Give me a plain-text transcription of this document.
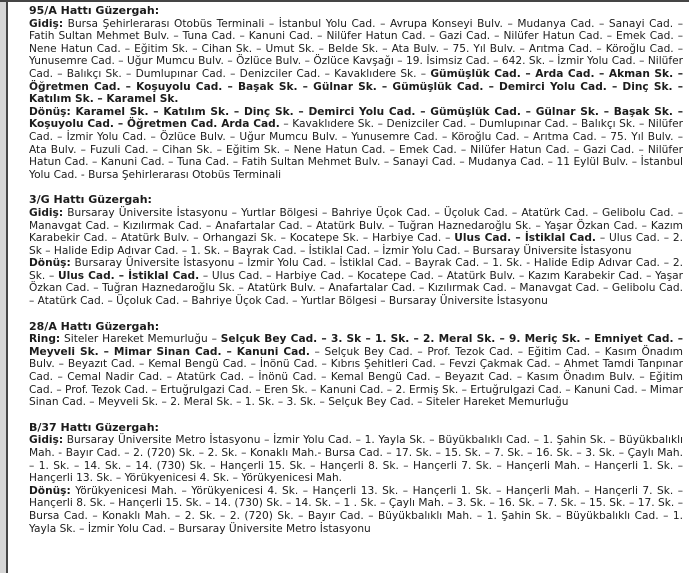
95/A Hattı Güzergah:

Gidiş: Bursa Şehirlerarası Otobüs Terminali – İstanbul Yolu Cad. – Avrupa Konseyi Bulv. – Mudanya Cad. – Sanayi Cad. – Fatih Sultan Mehmet Bulv. – Tuna Cad. – Kanuni Cad. – Nilüfer Hatun Cad. – Gazi Cad. – Nilüfer Hatun Cad. – Emek Cad. – Nene Hatun Cad. – Eğitim Sk. – Cihan Sk. – Umut Sk. – Belde Sk. – Ata Bulv. – 75. Yıl Bulv. – Arıtma Cad. – Köroğlu Cad. – Yunusemre Cad. – Uğur Mumcu Bulv. – Özlüce Bulv. – Özlüce Kavşağı – 19. İsimsiz Cad. – 642. Sk. – İzmir Yolu Cad. – Nilüfer Cad. – Balıkçı Sk. – Dumlupınar Cad. – Denizciler Cad. – Kavaklıdere Sk. – Gümüşlük Cad. – Arda Cad. – Akman Sk. – Öğretmen Cad. – Koşuyolu Cad. – Başak Sk. – Gülnar Sk. – Gümüşlük Cad. – Demirci Yolu Cad. – Dinç Sk. – Katılım Sk. – Karamel Sk.

Dönüş: Karamel Sk. – Katılım Sk. – Dinç Sk. – Demirci Yolu Cad. – Gümüşlük Cad. – Gülnar Sk. – Başak Sk. – Koşuyolu Cad. – Öğretmen Cad. Arda Cad. – Kavaklıdere Sk. – Denizciler Cad. – Dumlupınar Cad. – Balıkçı Sk. – Nilüfer Cad. – İzmir Yolu Cad. – Özlüce Bulv. – Uğur Mumcu Bulv. – Yunusemre Cad. – Köroğlu Cad. – Arıtma Cad. – 75. Yıl Bulv. – Ata Bulv. – Fuzuli Cad. – Cihan Sk. – Eğitim Sk. – Nene Hatun Cad. – Emek Cad. – Nilüfer Hatun Cad. – Gazi Cad. – Nilüfer Hatun Cad. – Kanuni Cad. – Tuna Cad. – Fatih Sultan Mehmet Bulv. – Sanayi Cad. – Mudanya Cad. – 11 Eylül Bulv. – İstanbul Yolu Cad. - Bursa Şehirlerarası Otobüs Terminali

3/G Hattı Güzergah:

Gidiş: Bursaray Üniversite İstasyonu – Yurtlar Bölgesi – Bahriye Üçok Cad. – Üçoluk Cad. – Atatürk Cad. – Gelibolu Cad. – Manavgat Cad. – Kızılırmak Cad. – Anafartalar Cad. – Atatürk Bulv. – Tuğran Haznedaroğlu Sk. – Yaşar Özkan Cad. – Kazım Karabekir Cad. – Atatürk Bulv. – Orhangazi Sk. – Kocatepe Sk. – Harbiye Cad. – Ulus Cad. – İstiklal Cad. – Ulus Cad. – 2. Sk – Halide Edip Adıvar Cad. – 1. Sk. – Bayrak Cad. – İstiklal Cad. – İzmir Yolu Cad. – Bursaray Üniversite İstasyonu

Dönüş: Bursaray Üniversite İstasyonu – İzmir Yolu Cad. – İstiklal Cad. – Bayrak Cad. – 1. Sk. - Halide Edip Adıvar Cad. – 2. Sk. – Ulus Cad. – İstiklal Cad. – Ulus Cad. – Harbiye Cad. – Kocatepe Cad. – Atatürk Bulv. – Kazım Karabekir Cad. – Yaşar Özkan Cad. – Tuğran Haznedaroğlu Sk. – Atatürk Bulv. – Anafartalar Cad. – Kızılırmak Cad. – Manavgat Cad. – Gelibolu Cad. – Atatürk Cad. – Üçoluk Cad. – Bahriye Üçok Cad. – Yurtlar Bölgesi – Bursaray Üniversite İstasyonu

28/A Hattı Güzergah:

Ring: Siteler Hareket Memurluğu – Selçuk Bey Cad. – 3. Sk – 1. Sk. – 2. Meral Sk. – 9. Meriç Sk. – Emniyet Cad. – Meyveli Sk. – Mimar Sinan Cad. – Kanuni Cad. – Selçuk Bey Cad. – Prof. Tezok Cad. – Eğitim Cad. – Kasım Önadım Bulv. – Beyazıt Cad. – Kemal Bengü Cad. – İnönü Cad. – Kıbrıs Şehitleri Cad. – Fevzi Çakmak Cad. – Ahmet Tamdi Tanpınar Cad. – Cemal Nadir Cad. – Atatürk Cad. – İnönü Cad. – Kemal Bengü Cad. – Beyazıt Cad. – Kasım Önadım Bulv. – Eğitim Cad. – Prof. Tezok Cad. – Ertuğrulgazi Cad. – Eren Sk. – Kanuni Cad. – 2. Ermiş Sk. – Ertuğrulgazi Cad. – Kanuni Cad. – Mimar Sinan Cad. – Meyveli Sk. – 2. Meral Sk. – 1. Sk. – 3. Sk. – Selçuk Bey Cad. – Siteler Hareket Memurluğu

B/37 Hattı Güzergah:

Gidiş: Bursaray Üniversite Metro İstasyonu – İzmir Yolu Cad. – 1. Yayla Sk. – Büyükbalıklı Cad. – 1. Şahin Sk. – Büyükbalıklı Mah. - Bayır Cad. – 2. (720) Sk. – 2. Sk. – Konaklı Mah.- Bursa Cad. – 17. Sk. – 15. Sk. – 7. Sk. – 16. Sk. – 3. Sk. – Çaylı Mah. – 1. Sk. – 14. Sk. – 14. (730) Sk. – Hançerli 15. Sk. – Hançerli 8. Sk. – Hançerli 7. Sk. – Hançerli Mah. – Hançerli 1. Sk. – Hançerli 13. Sk. – Yörükyenicesi 4. Sk. – Yörükyenicesi Mah.

Dönüş: Yörükyenicesi Mah. – Yörükyenicesi 4. Sk. – Hançerli 13. Sk. – Hançerli 1. Sk. – Hançerli Mah. – Hançerli 7. Sk. – Hançerli 8. Sk. – Hançerli 15. Sk. – 14. (730) Sk. – 14. Sk. – 1 . Sk. – Çaylı Mah. – 3. Sk. – 16. Sk. – 7. Sk. – 15. Sk. – 17. Sk. – Bursa Cad. – Konaklı Mah. – 2. Sk. – 2. (720) Sk. – Bayır Cad. – Büyükbalıklı Mah. – 1. Şahin Sk. – Büyükbalıklı Cad. – 1. Yayla Sk. – İzmir Yolu Cad. – Bursaray Üniversite Metro İstasyonu
